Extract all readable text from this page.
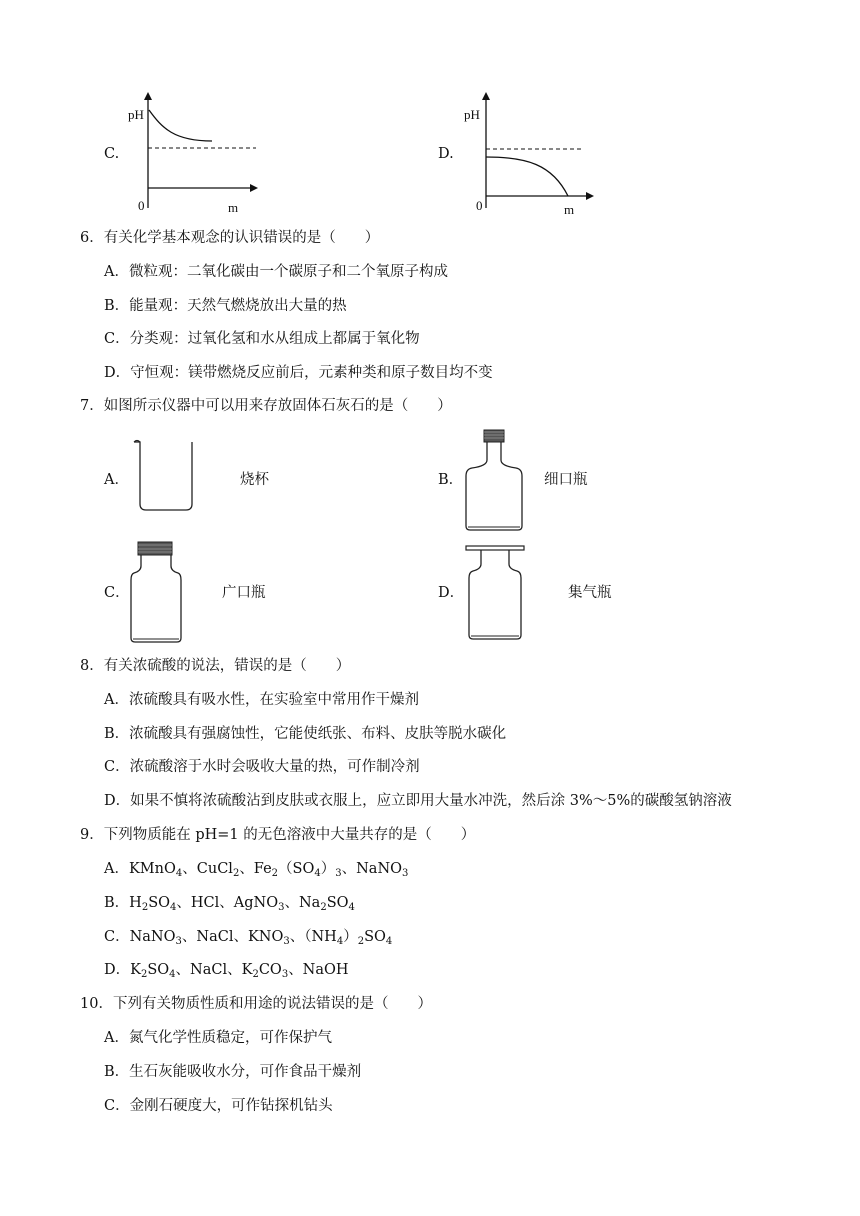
C.
pH
0	m
D.
pH
0	m
6．有关化学基本观念的认识错误的是（　　）
A．微粒观：二氧化碳由一个碳原子和二个氧原子构成
B．能量观：天然气燃烧放出大量的热
C．分类观：过氧化氢和水从组成上都属于氧化物
D．守恒观：镁带燃烧反应前后，元素种类和原子数目均不变
7．如图所示仪器中可以用来存放固体石灰石的是（　　）
A．	烧杯	B．	细口瓶
C．	广口瓶	D．	集气瓶
8．有关浓硫酸的说法，错误的是（　　）
A．浓硫酸具有吸水性，在实验室中常用作干燥剂
B．浓硫酸具有强腐蚀性，它能使纸张、布料、皮肤等脱水碳化
C．浓硫酸溶于水时会吸收大量的热，可作制冷剂
D．如果不慎将浓硫酸沾到皮肤或衣服上，应立即用大量水冲洗，然后涂 3%～5%的碳酸氢钠溶液
9．下列物质能在 pH=1 的无色溶液中大量共存的是（　　）
A．KMnO$_4$、CuCl$_2$、$Fe_2(SO_4)_3$、NaNO$_3$
B．$H_2SO_4$、HCl、AgNO$_3$、$Na_2SO_4$
C．NaNO$_3$、NaCl、$KNO_3$、$(NH_4)_2SO_4$
D．$K_2SO_4$、NaCl、$K_2CO_3$、NaOH
10．下列有关物质性质和用途的说法错误的是（　　）
A．氮气化学性质稳定，可作保护气
B．生石灰能吸收水分，可作食品干燥剂
C．金刚石硬度大，可作钻探机钻头
